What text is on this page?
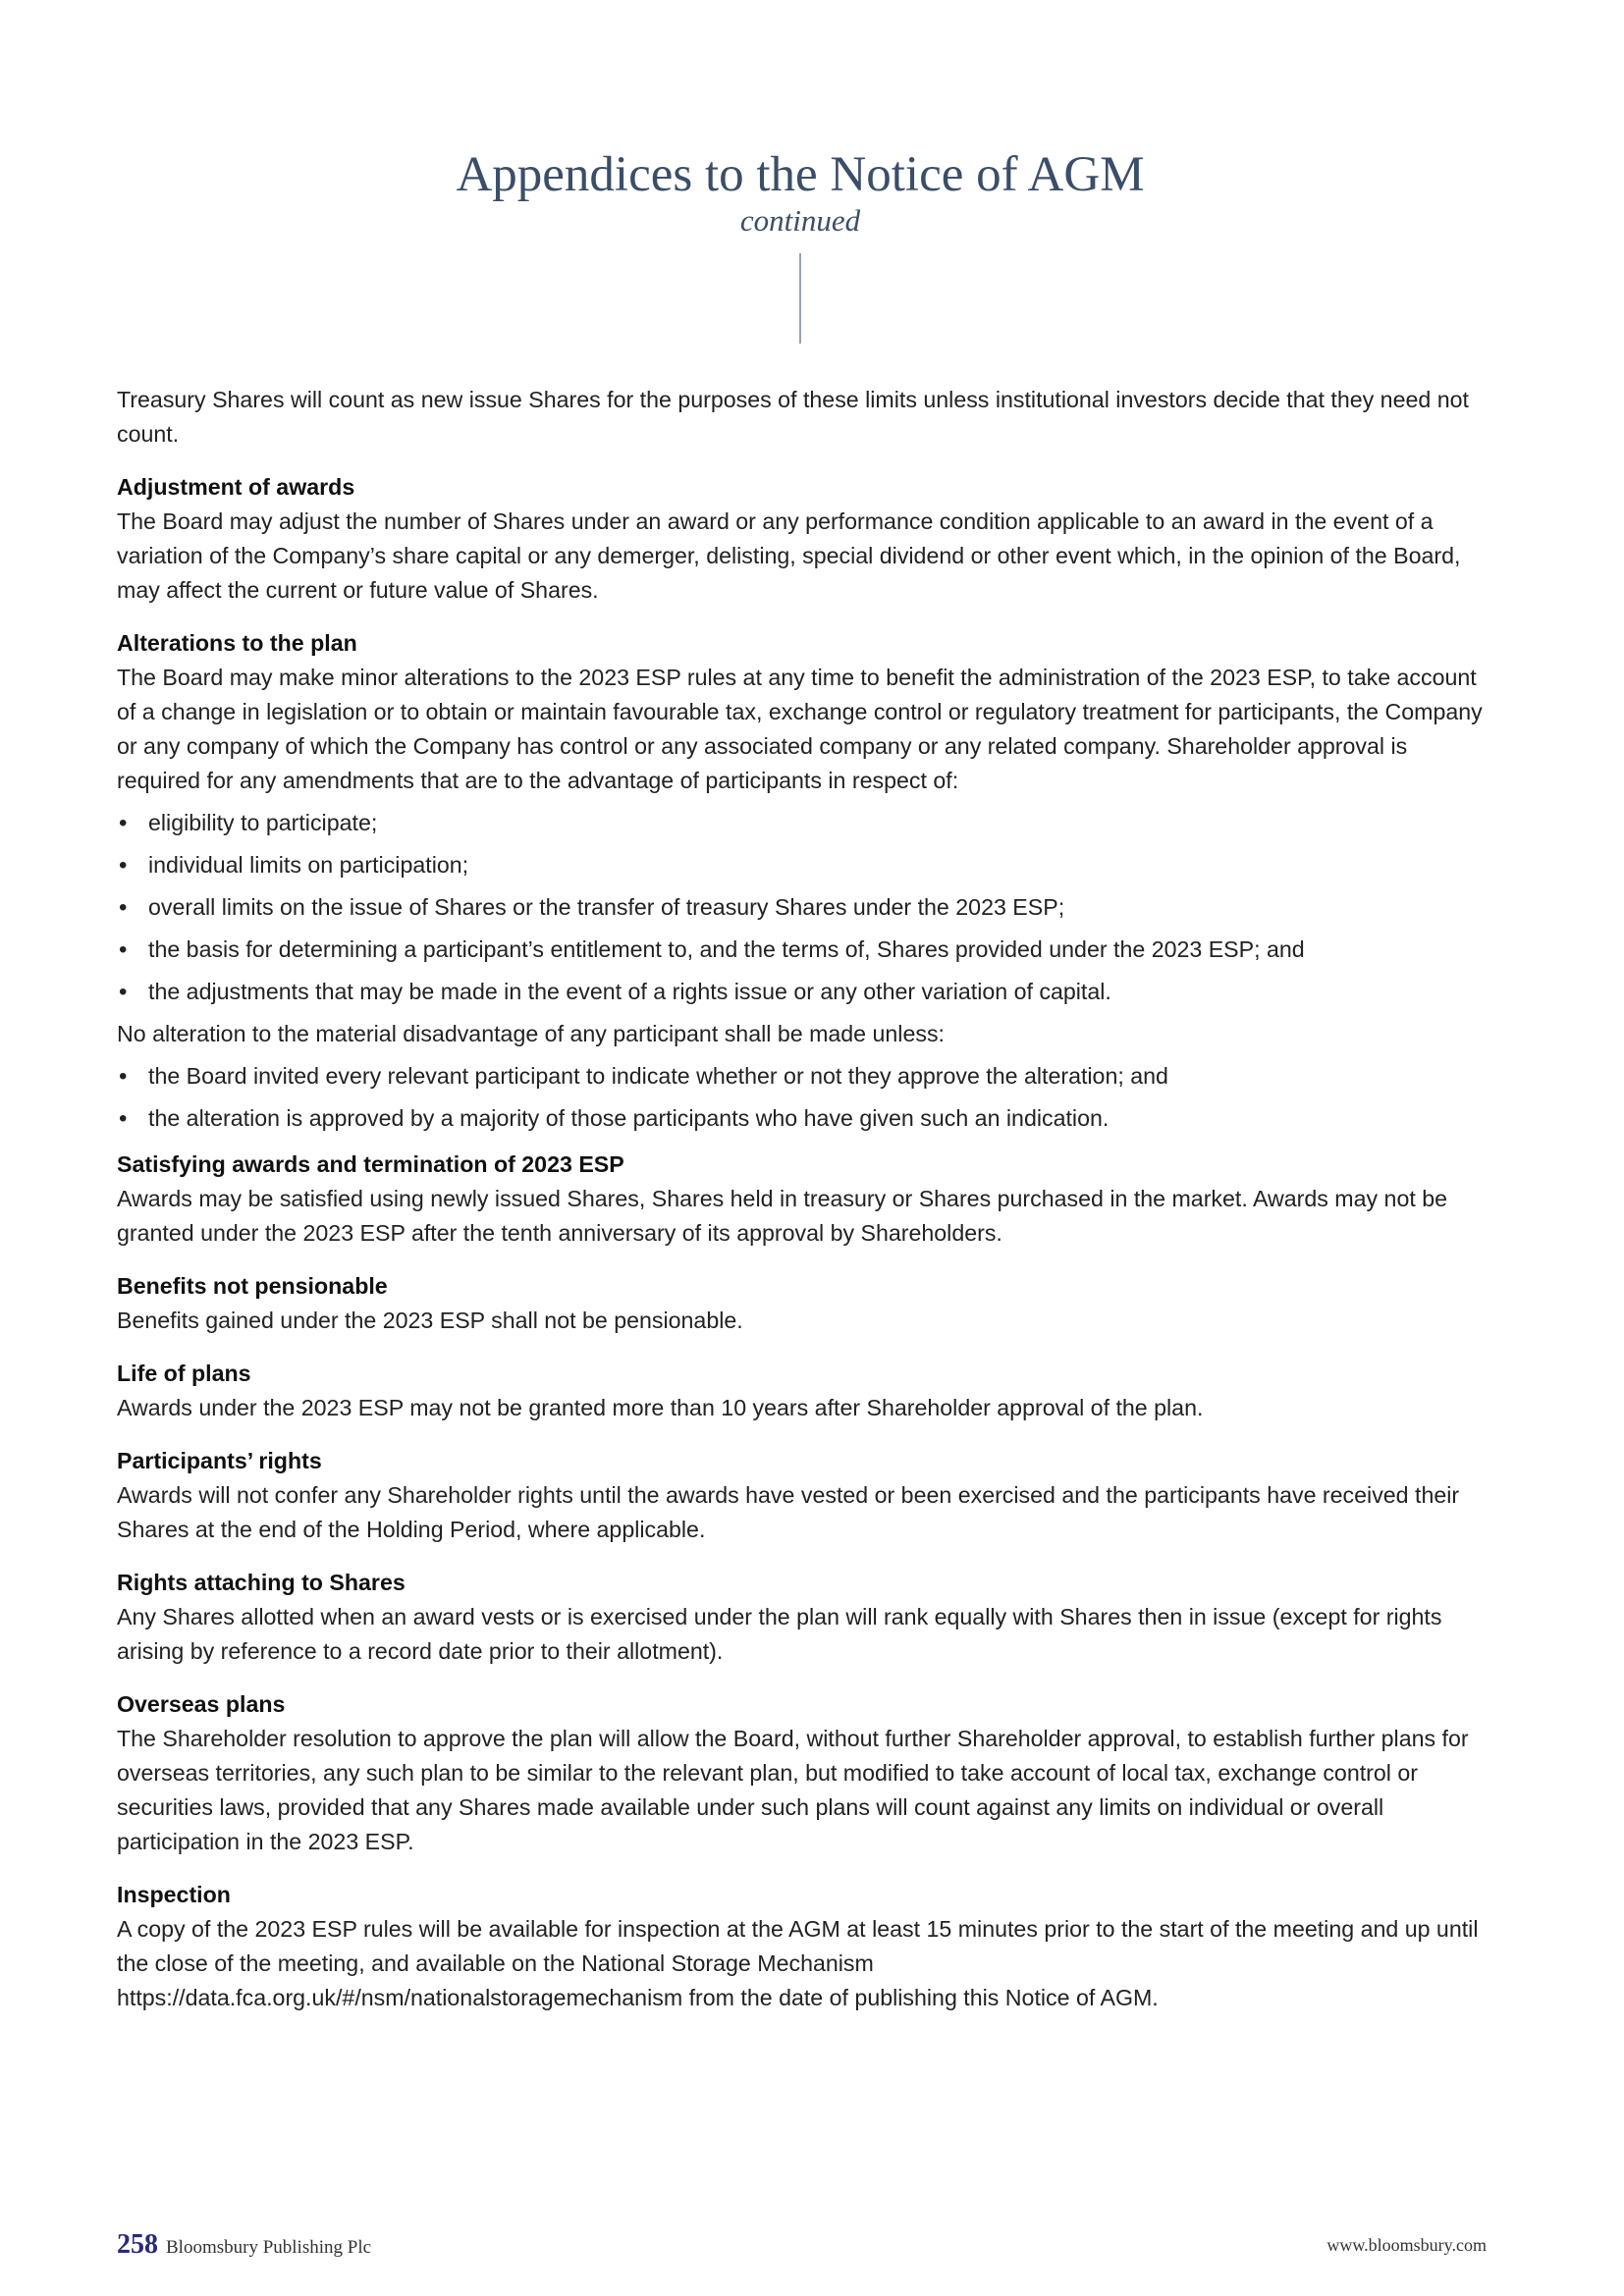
Appendices to the Notice of AGM

continued

Treasury Shares will count as new issue Shares for the purposes of these limits unless institutional investors decide that they need not count.

Adjustment of awards

The Board may adjust the number of Shares under an award or any performance condition applicable to an award in the event of a variation of the Company’s share capital or any demerger, delisting, special dividend or other event which, in the opinion of the Board, may affect the current or future value of Shares.

Alterations to the plan

The Board may make minor alterations to the 2023 ESP rules at any time to benefit the administration of the 2023 ESP, to take account of a change in legislation or to obtain or maintain favourable tax, exchange control or regulatory treatment for participants, the Company or any company of which the Company has control or any associated company or any related company. Shareholder approval is required for any amendments that are to the advantage of participants in respect of:

• eligibility to participate;
• individual limits on participation;
• overall limits on the issue of Shares or the transfer of treasury Shares under the 2023 ESP;
• the basis for determining a participant’s entitlement to, and the terms of, Shares provided under the 2023 ESP; and
• the adjustments that may be made in the event of a rights issue or any other variation of capital.

No alteration to the material disadvantage of any participant shall be made unless:

• the Board invited every relevant participant to indicate whether or not they approve the alteration; and
• the alteration is approved by a majority of those participants who have given such an indication.

Satisfying awards and termination of 2023 ESP

Awards may be satisfied using newly issued Shares, Shares held in treasury or Shares purchased in the market. Awards may not be granted under the 2023 ESP after the tenth anniversary of its approval by Shareholders.

Benefits not pensionable

Benefits gained under the 2023 ESP shall not be pensionable.

Life of plans

Awards under the 2023 ESP may not be granted more than 10 years after Shareholder approval of the plan.

Participants’ rights

Awards will not confer any Shareholder rights until the awards have vested or been exercised and the participants have received their Shares at the end of the Holding Period, where applicable.

Rights attaching to Shares

Any Shares allotted when an award vests or is exercised under the plan will rank equally with Shares then in issue (except for rights arising by reference to a record date prior to their allotment).

Overseas plans

The Shareholder resolution to approve the plan will allow the Board, without further Shareholder approval, to establish further plans for overseas territories, any such plan to be similar to the relevant plan, but modified to take account of local tax, exchange control or securities laws, provided that any Shares made available under such plans will count against any limits on individual or overall participation in the 2023 ESP.

Inspection

A copy of the 2023 ESP rules will be available for inspection at the AGM at least 15 minutes prior to the start of the meeting and up until the close of the meeting, and available on the National Storage Mechanism

https://data.fca.org.uk/#/nsm/nationalstoragemechanism from the date of publishing this Notice of AGM.

258 Bloomsbury Publishing Plc	www.bloomsbury.com
